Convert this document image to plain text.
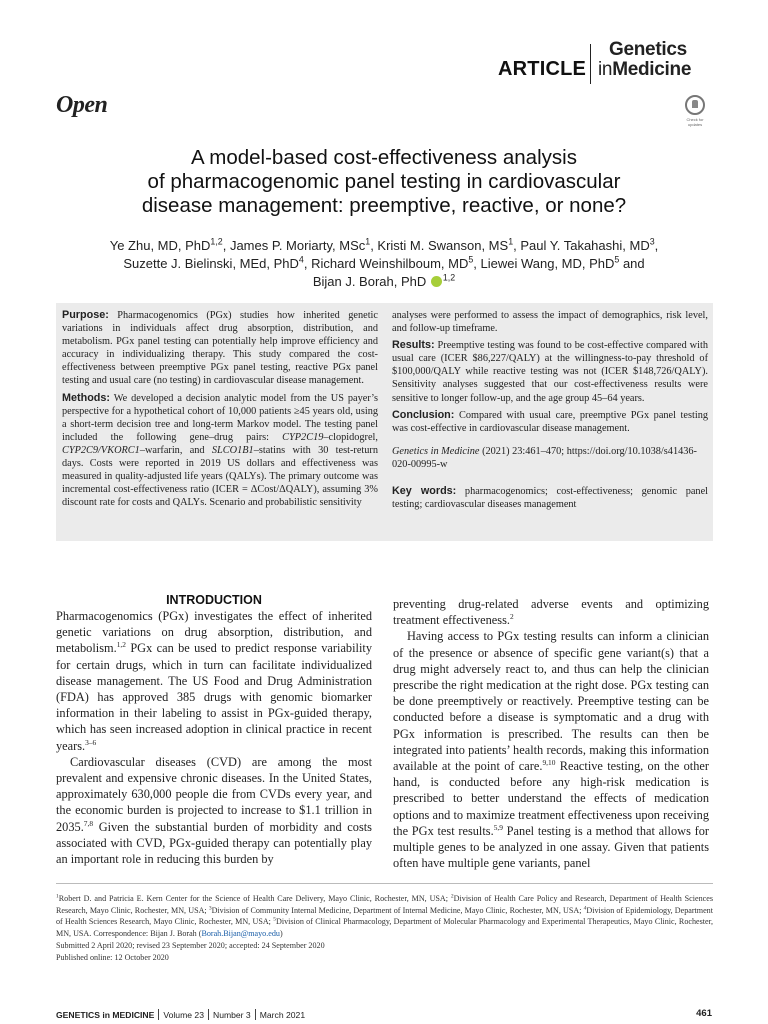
ARTICLE
Genetics
inMedicine
Open
Check for updates
A model-based cost-effectiveness analysis
of pharmacogenomic panel testing in cardiovascular
disease management: preemptive, reactive, or none?
Ye Zhu, MD, PhD$^{1,2}$, James P. Moriarty, MSc$^1$, Kristi M. Swanson, $MS^1$, Paul Y. Takahashi, $MD^3$,
Suzette J. Bielinski, MEd, PhD$^4$, Richard Weinshilboum, $MD^5$, Liewei Wang, MD, PhD$^5$ and
Bijan J. Borah, PhD $^{1,2}$

Purpose: Pharmacogenomics (PGx) studies how inherited genetic variations in individuals affect drug absorption, distribution, and metabolism. PGx panel testing can potentially help improve efficiency and accuracy in individualizing therapy. This study compared the cost-effectiveness between preemptive PGx panel testing, reactive PGx panel testing and usual care (no testing) in cardiovascular disease management.

Methods: We developed a decision analytic model from the US payer’s perspective for a hypothetical cohort of 10,000 patients ≥45 years old, using a short-term decision tree and long-term Markov model. The testing panel included the following gene–drug pairs: CYP2C19–clopidogrel, CYP2C9/VKORC1–warfarin, and SLCO1B1–statins with 30 test-return days. Costs were reported in 2019 US dollars and effectiveness was measured in quality-adjusted life years (QALYs). The primary outcome was incremental cost-effectiveness ratio (ICER = ΔCost/ΔQALY), assuming 3% discount rate for costs and QALYs. Scenario and probabilistic sensitivity

analyses were performed to assess the impact of demographics, risk level, and follow-up timeframe.

Results: Preemptive testing was found to be cost-effective compared with usual care (ICER $86,227/QALY) at the willingness-to-pay threshold of $100,000/QALY while reactive testing was not (ICER $148,726/QALY). Sensitivity analyses suggested that our cost-effectiveness results were sensitive to longer follow-up, and the age group 45–64 years.

Conclusion: Compared with usual care, preemptive PGx panel testing was cost-effective in cardiovascular disease management.

Genetics in Medicine (2021) 23:461–470; https://doi.org/10.1038/s41436-020-00995-w

Key words: pharmacogenomics; cost-effectiveness; genomic panel testing; cardiovascular diseases management

INTRODUCTION

Pharmacogenomics (PGx) investigates the effect of inherited genetic variations on drug absorption, distribution, and metabolism.$^{1,2}$ PGx can be used to predict response variability for certain drugs, which in turn can facilitate individualized disease management. The US Food and Drug Administration (FDA) has approved 385 drugs with genomic biomarker information in their labeling to assist in PGx-guided therapy, which has seen increased adoption in clinical practice in recent years.$^{3-6}$

Cardiovascular diseases (CVD) are among the most prevalent and expensive chronic diseases. In the United States, approximately 630,000 people die from CVDs every year, and the economic burden is projected to increase to $1.1 trillion in 2035.$^{7,8}$ Given the substantial burden of morbidity and costs associated with CVD, PGx-guided therapy can potentially play an important role in reducing this burden by

preventing drug-related adverse events and optimizing treatment effectiveness.$^2$

Having access to PGx testing results can inform a clinician of the presence or absence of specific gene variant(s) that a drug might adversely react to, and thus can help the clinician prescribe the right medication at the right dose. PGx testing can be done preemptively or reactively. Preemptive testing can be conducted before a disease is symptomatic and a drug with PGx information is prescribed. The results can then be integrated into patients’ health records, making this information available at the point of care.$^{9,10}$ Reactive testing, on the other hand, is conducted before any high-risk medication is prescribed to better understand the effects of medication options and to maximize treatment effectiveness upon receiving the PGx test results.$^{5,9}$ Panel testing is a method that allows for multiple genes to be analyzed in one assay. Given that patients often have multiple gene variants, panel

$^1$Robert D. and Patricia E. Kern Center for the Science of Health Care Delivery, Mayo Clinic, Rochester, MN, USA; $^2$Division of Health Care Policy and Research, Department of Health Sciences Research, Mayo Clinic, Rochester, MN, USA; $^3$Division of Community Internal Medicine, Department of Internal Medicine, Mayo Clinic, Rochester, MN, USA; $^4$Division of Epidemiology, Department of Health Sciences Research, Mayo Clinic, Rochester, MN, USA; $^5$Division of Clinical Pharmacology, Department of Molecular Pharmacology and Experimental Therapeutics, Mayo Clinic, Rochester, MN, USA. Correspondence: Bijan J. Borah (Borah.Bijan@mayo.edu)
Submitted 2 April 2020; revised 23 September 2020; accepted: 24 September 2020
Published online: 12 October 2020
GENETICS in MEDICINE Volume 23 Number 3 March 2021	461
